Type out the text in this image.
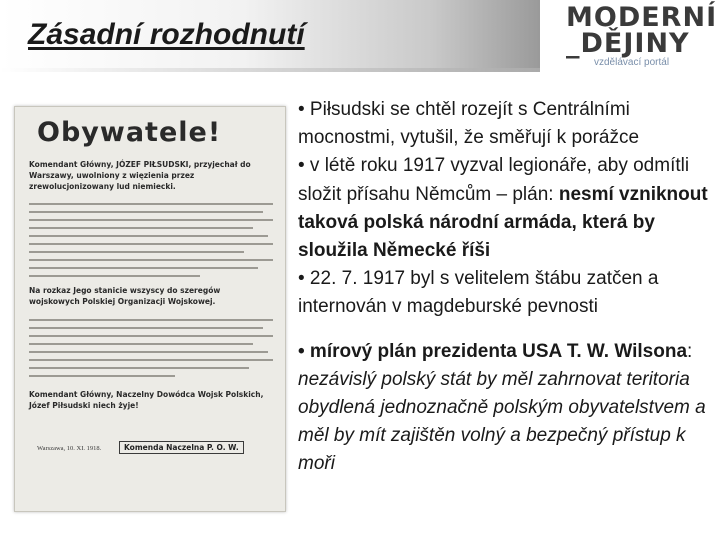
Zásadní rozhodnutí
MODERNÍ
_DĚJINY
vzdělávací portál
Obywatele!
Komendant Główny, JÓZEF PIŁSUDSKI, przyjechał do Warszawy, uwolniony z więzienia przez zrewolucjonizowany lud niemiecki.
Na rozkaz Jego stanicie wszyscy do szeregów wojskowych Polskiej Organizacji Wojskowej.
Komendant Główny, Naczelny Dowódca Wojsk Polskich, Józef Piłsudski niech żyje!
Warszawa, 10. XI. 1918.	Komenda Naczelna P. O. W.

• Piłsudski se chtěl rozejít s Centrálními mocnostmi, vytušil, že směřují k porážce

• v létě roku 1917 vyzval legionáře, aby odmítli složit přísahu Němcům – plán: nesmí vzniknout taková polská národní armáda, která by sloužila Německé říši

• 22. 7. 1917 byl s velitelem štábu zatčen a internován v magdeburské pevnosti

• mírový plán prezidenta USA T. W. Wilsona: nezávislý polský stát by měl zahrnovat teritoria obydlená jednoznačně polským obyvatelstvem a měl by mít zajištěn volný a bezpečný přístup k moři
